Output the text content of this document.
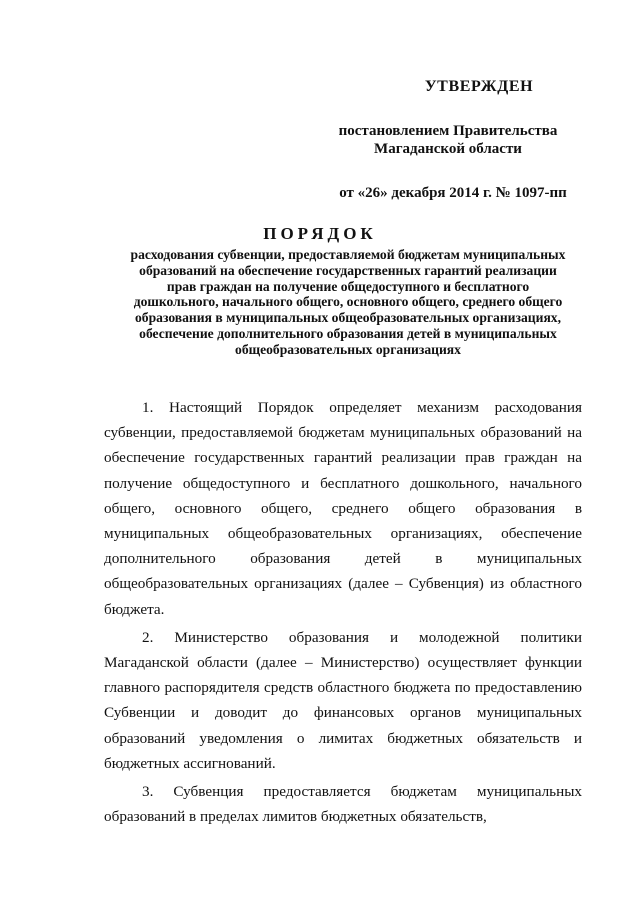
УТВЕРЖДЕН
постановлением Правительства
Магаданской области
от «26» декабря 2014 г. № 1097-пп
ПОРЯДОК
расходования субвенции, предоставляемой бюджетам муниципальных
образований на обеспечение государственных гарантий реализации
прав граждан на получение общедоступного и бесплатного
дошкольного, начального общего, основного общего, среднего общего
образования в муниципальных общеобразовательных организациях,
обеспечение дополнительного образования детей в муниципальных
общеобразовательных организациях

1. Настоящий Порядок определяет механизм расходования субвенции, предоставляемой бюджетам муниципальных образований на обеспечение государственных гарантий реализации прав граждан на получение общедоступного и бесплатного дошкольного, начального общего, основного общего, среднего общего образования в муниципальных общеобразовательных организациях, обеспечение дополнительного образования детей в муниципальных общеобразовательных организациях (далее – Субвенция) из областного бюджета.

2. Министерство образования и молодежной политики Магаданской области (далее – Министерство) осуществляет функции главного распорядителя средств областного бюджета по предоставлению Субвенции и доводит до финансовых органов муниципальных образований уведомления о лимитах бюджетных обязательств и бюджетных ассигнований.

3. Субвенция предоставляется бюджетам муниципальных образований в пределах лимитов бюджетных обязательств,
